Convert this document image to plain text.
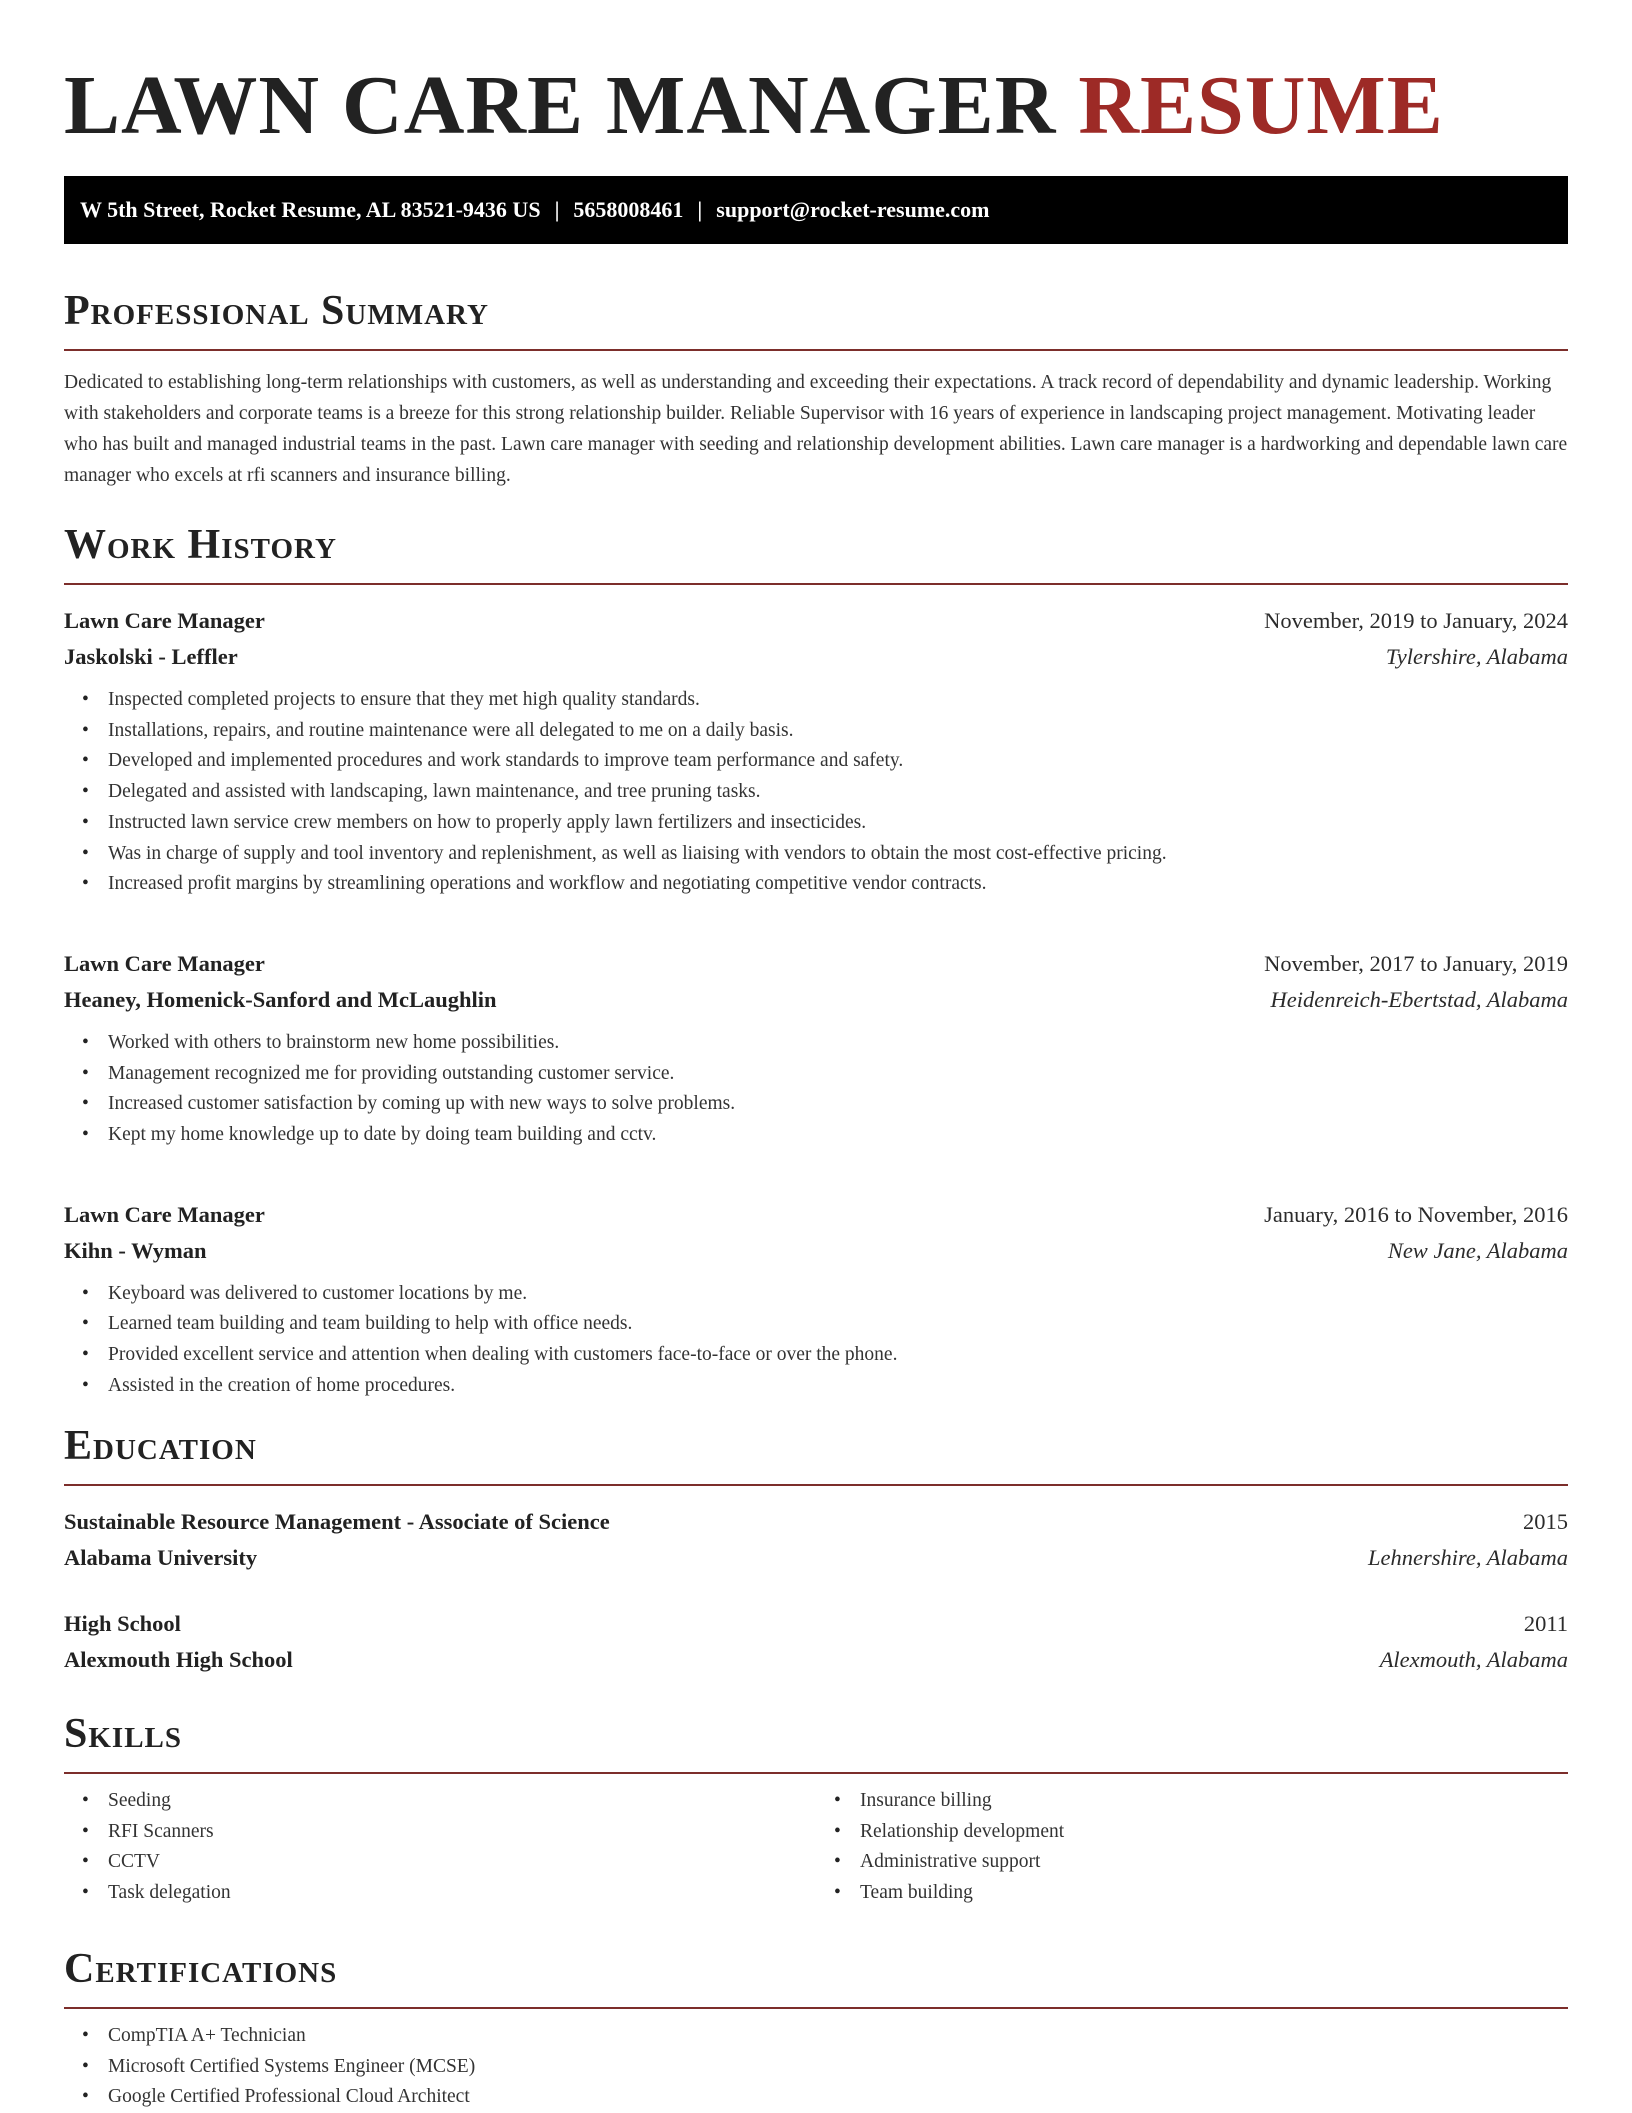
LAWN CARE MANAGER RESUME
W 5th Street, Rocket Resume, AL 83521-9436 US | 5658008461 | support@rocket-resume.com
Professional Summary

Dedicated to establishing long-term relationships with customers, as well as understanding and exceeding their expectations. A track record of dependability and dynamic leadership. Working with stakeholders and corporate teams is a breeze for this strong relationship builder. Reliable Supervisor with 16 years of experience in landscaping project management. Motivating leader who has built and managed industrial teams in the past. Lawn care manager with seeding and relationship development abilities. Lawn care manager is a hardworking and dependable lawn care manager who excels at rfi scanners and insurance billing.

Work History
Lawn Care Manager	November, 2019 to January, 2024
Jaskolski - Leffler	Tylershire, Alabama
• Inspected completed projects to ensure that they met high quality standards.
• Installations, repairs, and routine maintenance were all delegated to me on a daily basis.
• Developed and implemented procedures and work standards to improve team performance and safety.
• Delegated and assisted with landscaping, lawn maintenance, and tree pruning tasks.
• Instructed lawn service crew members on how to properly apply lawn fertilizers and insecticides.
• Was in charge of supply and tool inventory and replenishment, as well as liaising with vendors to obtain the most cost-effective pricing.
• Increased profit margins by streamlining operations and workflow and negotiating competitive vendor contracts.
Lawn Care Manager	November, 2017 to January, 2019
Heaney, Homenick-Sanford and McLaughlin	Heidenreich-Ebertstad, Alabama
• Worked with others to brainstorm new home possibilities.
• Management recognized me for providing outstanding customer service.
• Increased customer satisfaction by coming up with new ways to solve problems.
• Kept my home knowledge up to date by doing team building and cctv.
Lawn Care Manager	January, 2016 to November, 2016
Kihn - Wyman	New Jane, Alabama
• Keyboard was delivered to customer locations by me.
• Learned team building and team building to help with office needs.
• Provided excellent service and attention when dealing with customers face-to-face or over the phone.
• Assisted in the creation of home procedures.
Education
Sustainable Resource Management - Associate of Science	2015
Alabama University	Lehnershire, Alabama
High School	2011
Alexmouth High School	Alexmouth, Alabama
Skills
• Seeding
• RFI Scanners
• CCTV
• Task delegation
• Insurance billing
• Relationship development
• Administrative support
• Team building
Certifications
• CompTIA A+ Technician
• Microsoft Certified Systems Engineer (MCSE)
• Google Certified Professional Cloud Architect
